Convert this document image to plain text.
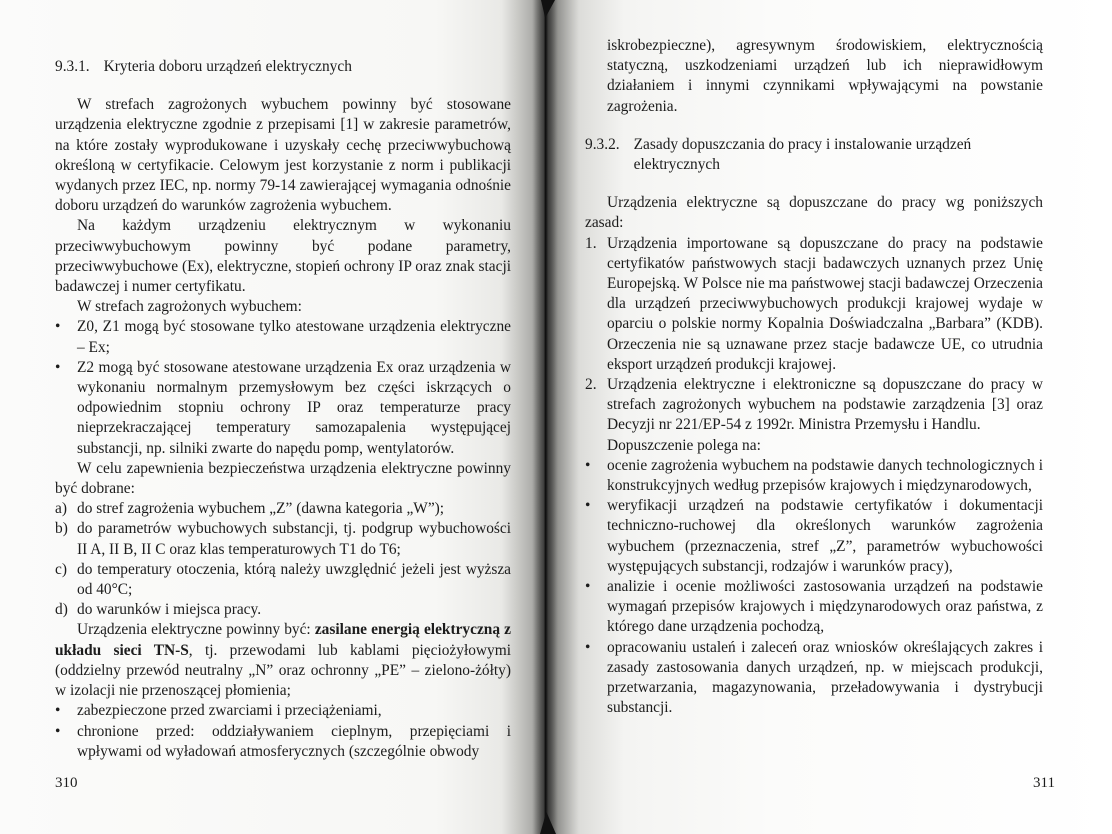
9.3.1. Kryteria doboru urządzeń elektrycznych

W strefach zagrożonych wybuchem powinny być stosowane urządzenia elektryczne zgodnie z przepisami [1] w zakresie parametrów, na które zostały wyprodukowane i uzyskały cechę przeciwwybuchową określoną w certyfikacie. Celowym jest korzystanie z norm i publikacji wydanych przez IEC, np. normy 79-14 zawierającej wymagania odnośnie doboru urządzeń do warunków zagrożenia wybuchem.

Na każdym urządzeniu elektrycznym w wykonaniu przeciwwybuchowym powinny być podane parametry, przeciwwybuchowe (Ex), elektryczne, stopień ochrony IP oraz znak stacji badawczej i numer certyfikatu.

W strefach zagrożonych wybuchem:

•	Z0, Z1 mogą być stosowane tylko atestowane urządzenia elektryczne – Ex;
•	Z2 mogą być stosowane atestowane urządzenia Ex oraz urządzenia w wykonaniu normalnym przemysłowym bez części iskrzących o odpowiednim stopniu ochrony IP oraz temperaturze pracy nieprzekraczającej temperatury samozapalenia występującej substancji, np. silniki zwarte do napędu pomp, wentylatorów.

W celu zapewnienia bezpieczeństwa urządzenia elektryczne powinny być dobrane:

a) do stref zagrożenia wybuchem „Z” (dawna kategoria „W”);
b) do parametrów wybuchowych substancji, tj. podgrup wybuchowości II A, II B, II C oraz klas temperaturowych T1 do T6;
c) do temperatury otoczenia, którą należy uwzględnić jeżeli jest wyższa od 40°C;
d) do warunków i miejsca pracy.

Urządzenia elektryczne powinny być: zasilane energią elektryczną z układu sieci TN-S, tj. przewodami lub kablami pięciożyłowymi (oddzielny przewód neutralny „N” oraz ochronny „PE” – zielono-żółty) w izolacji nie przenoszącej płomienia;

•	zabezpieczone przed zwarciami i przeciążeniami,
•	chronione przed: oddziaływaniem cieplnym, przepięciami i wpływami od wyładowań atmosferycznych (szczególnie obwody
310
iskrobezpieczne), agresywnym środowiskiem, elektrycznością statyczną, uszkodzeniami urządzeń lub ich nieprawidłowym działaniem i innymi czynnikami wpływającymi na powstanie zagrożenia.
9.3.2. Zasady dopuszczania do pracy i instalowanie urządzeń elektrycznych

Urządzenia elektryczne są dopuszczane do pracy wg poniższych zasad:

1. Urządzenia importowane są dopuszczane do pracy na podstawie certyfikatów państwowych stacji badawczych uznanych przez Unię Europejską. W Polsce nie ma państwowej stacji badawczej Orzeczenia dla urządzeń przeciwwybuchowych produkcji krajowej wydaje w oparciu o polskie normy Kopalnia Doświadczalna „Barbara” (KDB). Orzeczenia nie są uznawane przez stacje badawcze UE, co utrudnia eksport urządzeń produkcji krajowej.
2. Urządzenia elektryczne i elektroniczne są dopuszczane do pracy w strefach zagrożonych wybuchem na podstawie zarządzenia [3] oraz Decyzji nr 221/EP-54 z 1992r. Ministra Przemysłu i Handlu.

Dopuszczenie polega na:

•	ocenie zagrożenia wybuchem na podstawie danych technologicznych i konstrukcyjnych według przepisów krajowych i międzynarodowych,
•	weryfikacji urządzeń na podstawie certyfikatów i dokumentacji techniczno-ruchowej dla określonych warunków zagrożenia wybuchem (przeznaczenia, stref „Z”, parametrów wybuchowości występujących substancji, rodzajów i warunków pracy),
•	analizie i ocenie możliwości zastosowania urządzeń na podstawie wymagań przepisów krajowych i międzynarodowych oraz państwa, z którego dane urządzenia pochodzą,
•	opracowaniu ustaleń i zaleceń oraz wniosków określających zakres i zasady zastosowania danych urządzeń, np. w miejscach produkcji, przetwarzania, magazynowania, przeładowywania i dystrybucji substancji.
311
